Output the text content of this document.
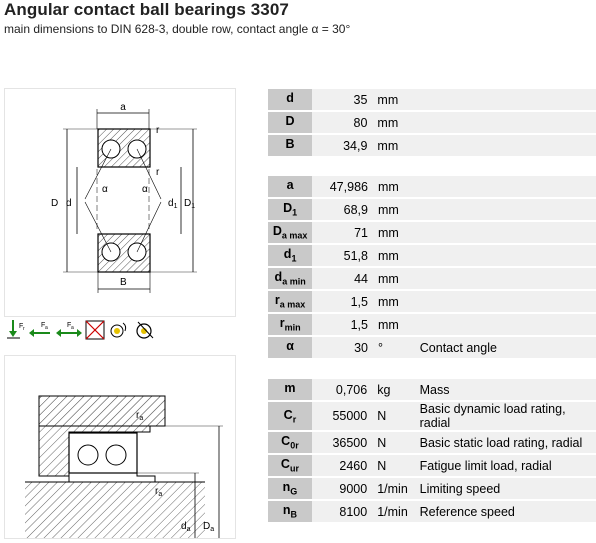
Angular contact ball bearings 3307
main dimensions to DIN 628-3, double row, contact angle α = 30°
a
α	α
r
r
D d	$d_1$ $D_1$
B
F r F a	F a
$r_a$
$r_a$
$d_a$ $D_a$
d	35	mm	
D	80	mm	
B	34,9	mm	
a	47,986	mm	
$D_1$	68,9	mm	
$D_{a max}$	71	mm	
$d_1$	51,8	mm	
$d_{a min}$	44	mm	
$r_{a max}$	1,5	mm	
$r_{min}$	1,5	mm	
α	30	°	Contact angle
m	0,706	kg	Mass
$C_r$	55000	N	Basic dynamic load rating, radial
$C_{0r}$	36500	N	Basic static load rating, radial
$C_{ur}$	2460	N	Fatigue limit load, radial
$n_G$	9000	1/min	Limiting speed
$n_B$	8100	1/min	Reference speed
